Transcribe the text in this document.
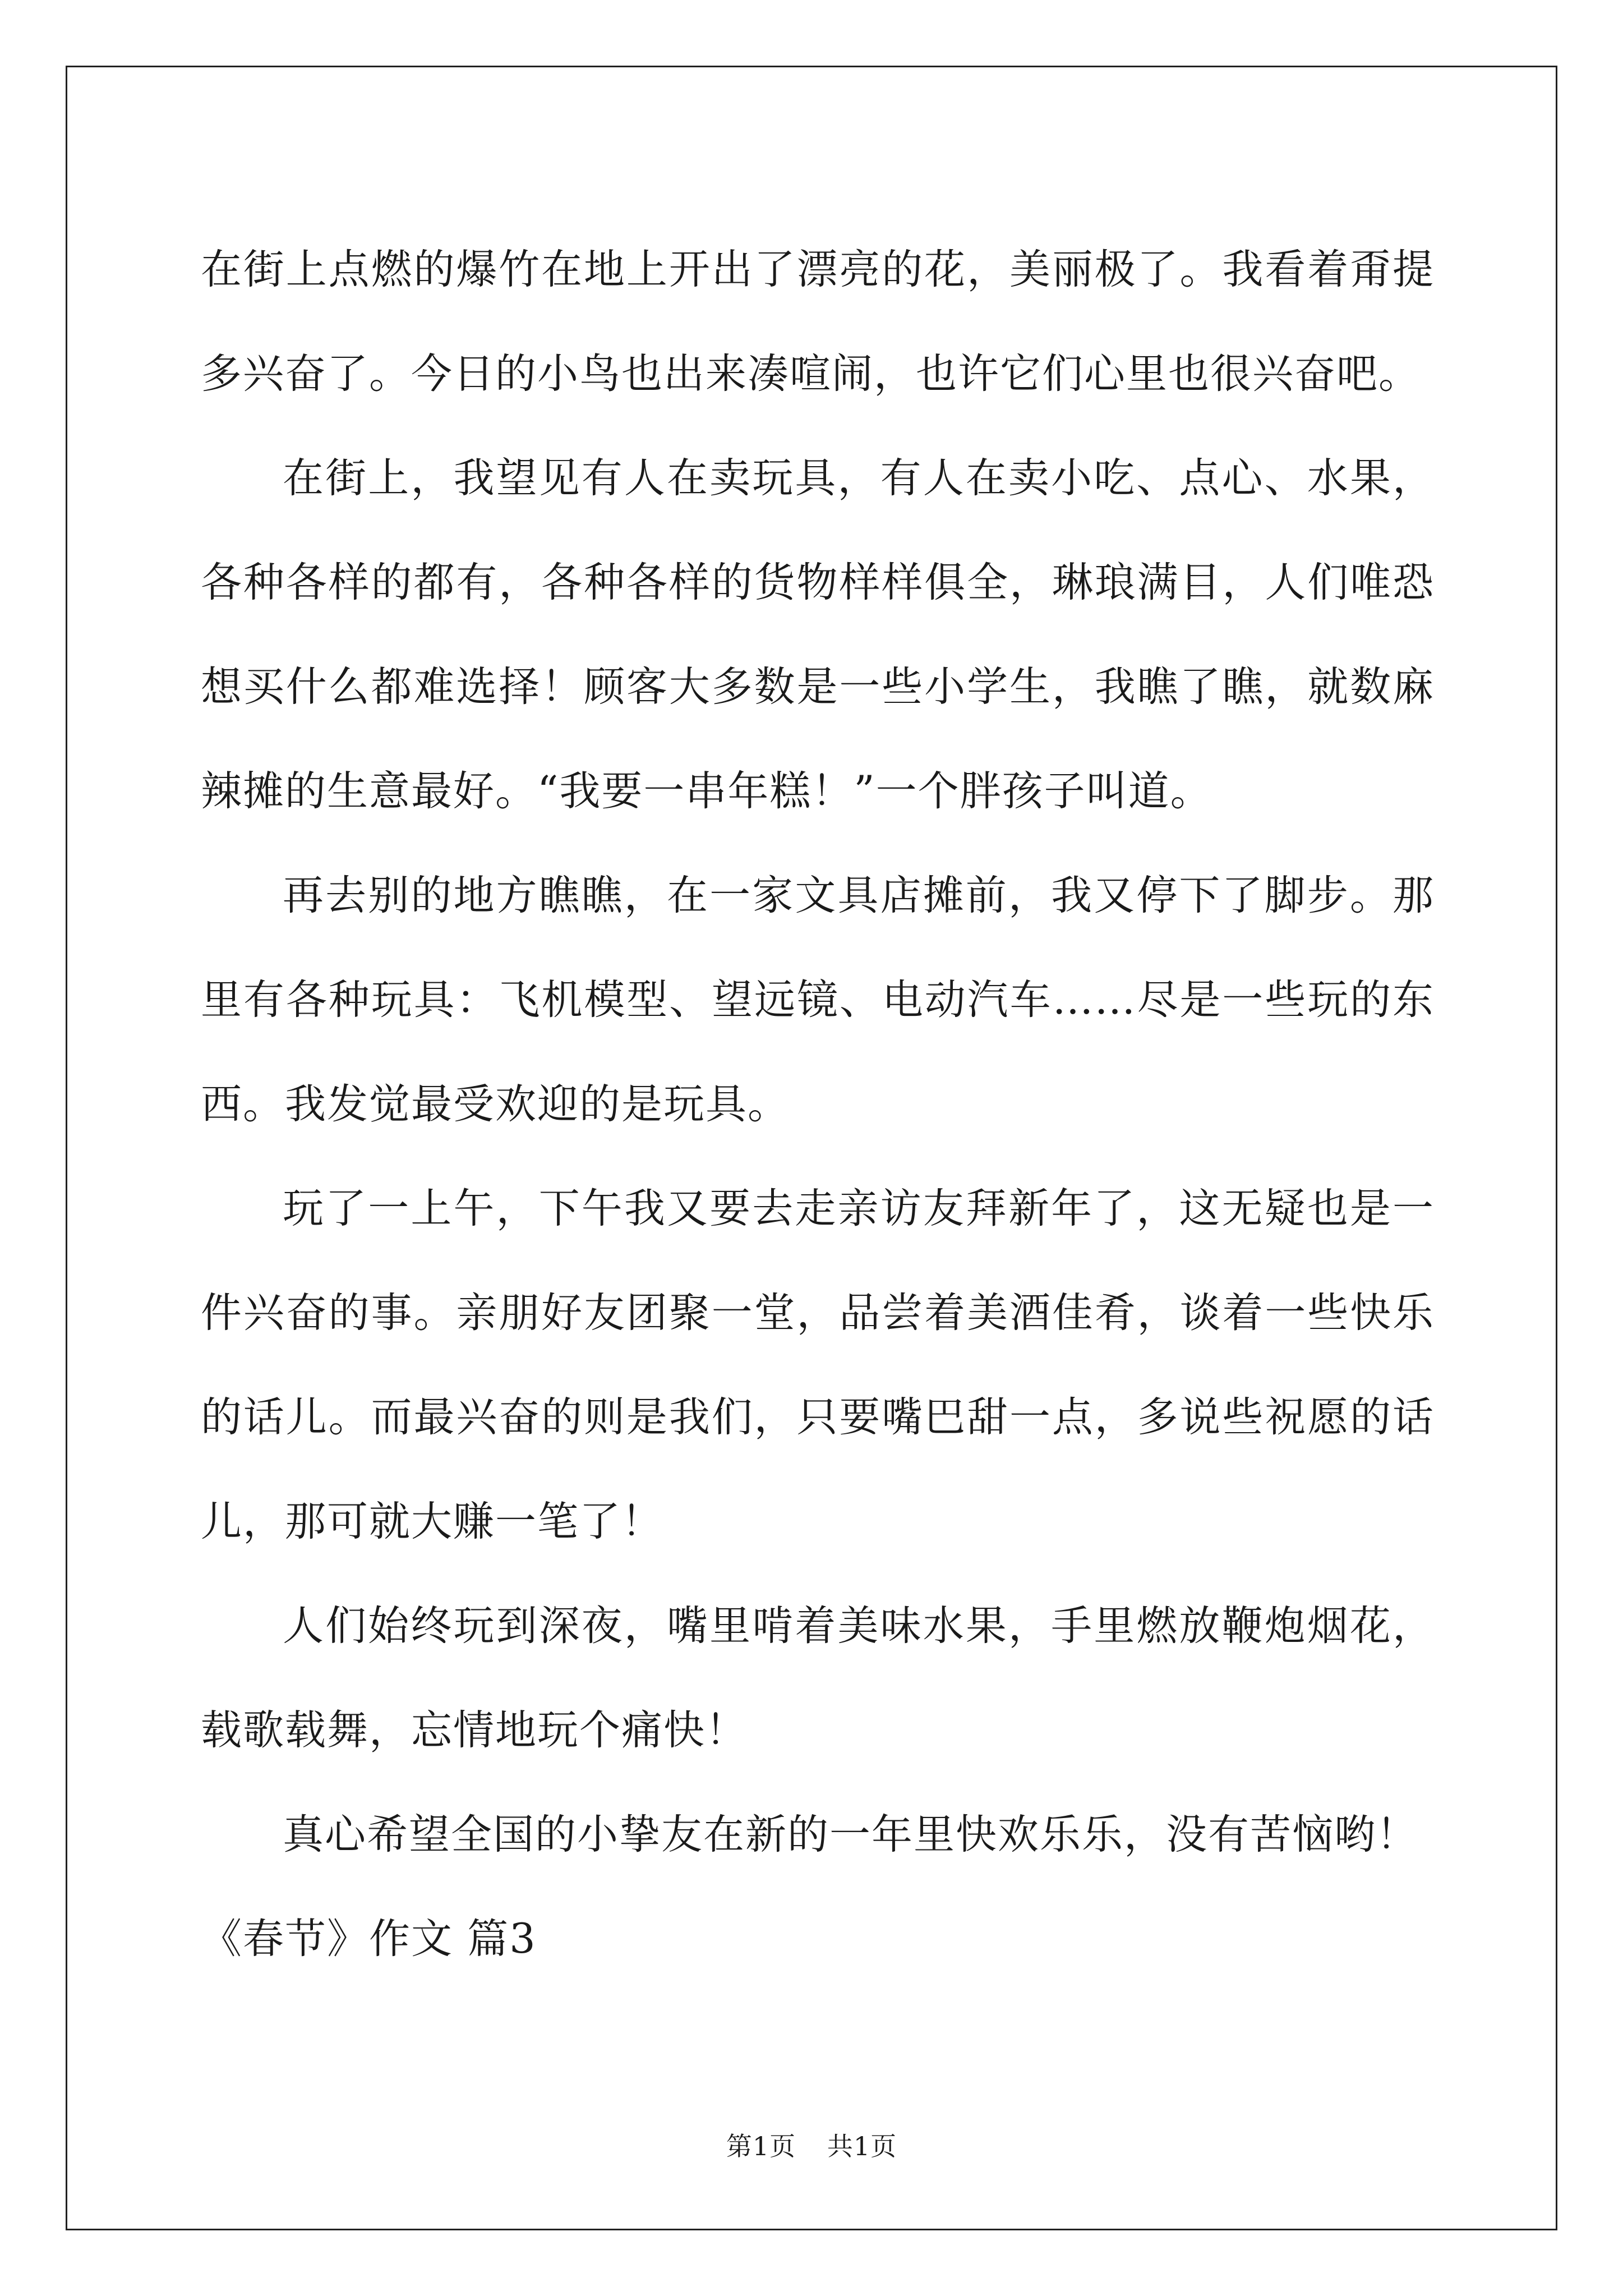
在街上点燃的爆竹在地上开出了漂亮的花，美丽极了。我看着甭提多兴奋了。今日的小鸟也出来凑喧闹，也许它们心里也很兴奋吧。

在街上，我望见有人在卖玩具，有人在卖小吃、点心、水果，各种各样的都有，各种各样的货物样样俱全，琳琅满目，人们唯恐想买什么都难选择！顾客大多数是一些小学生，我瞧了瞧，就数麻辣摊的生意最好。“我要一串年糕！”一个胖孩子叫道。

再去别的地方瞧瞧，在一家文具店摊前，我又停下了脚步。那里有各种玩具：飞机模型、望远镜、电动汽车……尽是一些玩的东西。我发觉最受欢迎的是玩具。

玩了一上午，下午我又要去走亲访友拜新年了，这无疑也是一件兴奋的事。亲朋好友团聚一堂，品尝着美酒佳肴，谈着一些快乐的话儿。而最兴奋的则是我们，只要嘴巴甜一点，多说些祝愿的话儿，那可就大赚一笔了！

人们始终玩到深夜，嘴里啃着美味水果，手里燃放鞭炮烟花，载歌载舞，忘情地玩个痛快！

真心希望全国的小挚友在新的一年里快欢乐乐，没有苦恼哟！

《春节》作文 篇3

第1页 共1页
